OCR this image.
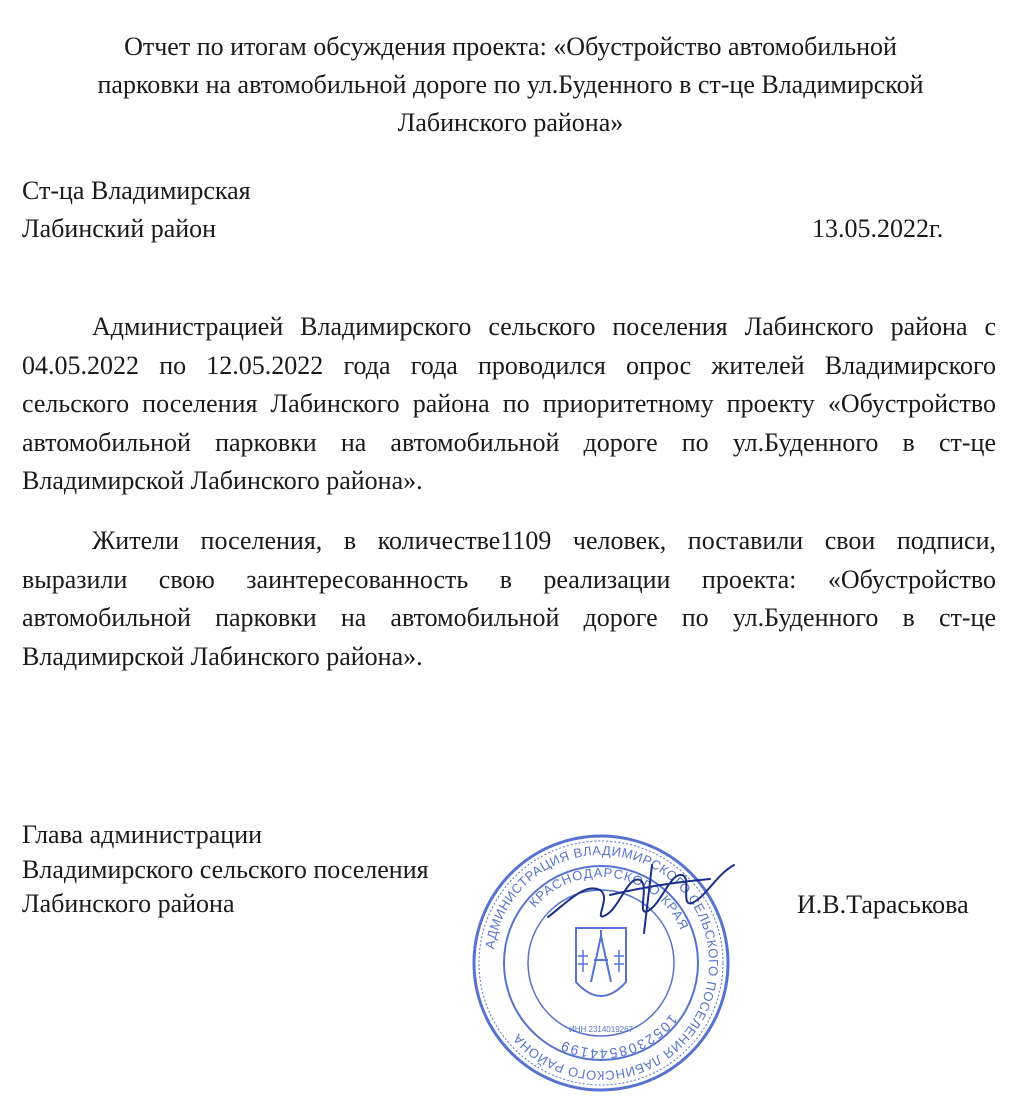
Отчет по итогам обсуждения проекта: «Обустройство автомобильной
парковки на автомобильной дороге по ул.Буденного в ст-це Владимирской
Лабинского района»
Ст-ца Владимирская
Лабинский район	13.05.2022г.

Администрацией Владимирского сельского поселения Лабинского района с 04.05.2022 по 12.05.2022 года года проводился опрос жителей Владимирского сельского поселения Лабинского района по приоритетному проекту «Обустройство автомобильной парковки на автомобильной дороге по ул.Буденного в ст-це Владимирской Лабинского района».

Жители поселения, в количестве1109 человек, поставили свои подписи, выразили свою заинтересованность в реализации проекта: «Обустройство автомобильной парковки на автомобильной дороге по ул.Буденного в ст-це Владимирской Лабинского района».

Глава администрации
Владимирского сельского поселения
Лабинского района	И.В.Тараськова
АДМИНИСТРАЦИЯ ВЛАДИМИРСКОГО СЕЛЬСКОГО ПОСЕЛЕНИЯ ЛАБИНСКОГО РАЙОНА
КРАСНОДАРСКОГО КРАЯ
1052308544199
ИНН 2314019267
